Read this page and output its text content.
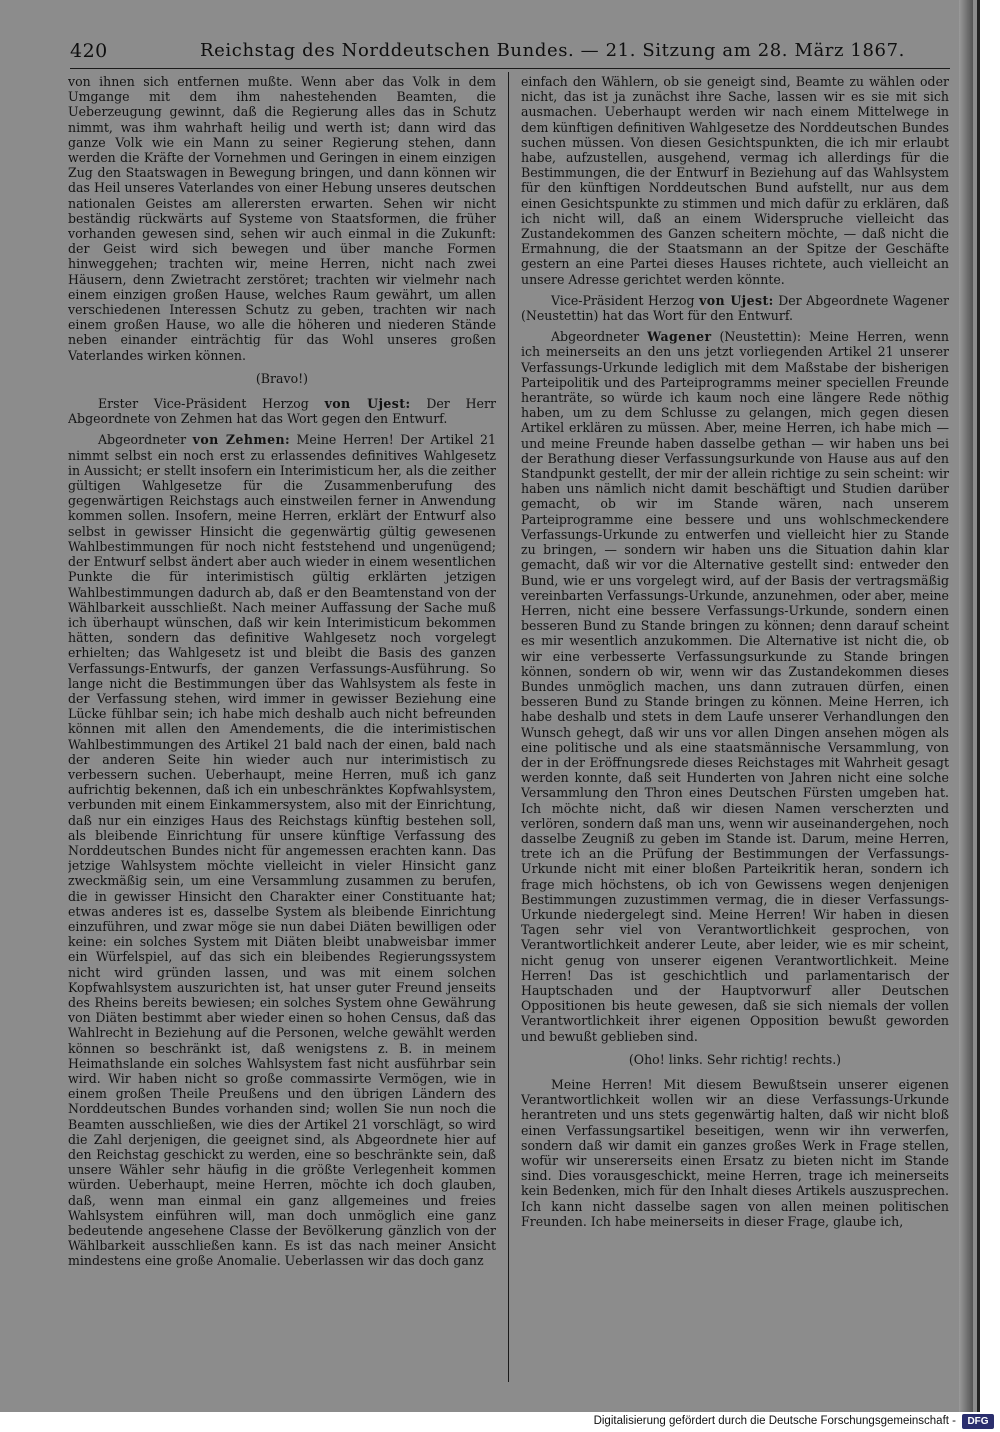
420	Reichstag des Norddeutschen Bundes. — 21. Sitzung am 28. März 1867.

von ihnen sich entfernen mußte. Wenn aber das Volk in dem Umgange mit dem ihm nahestehenden Beamten, die Ueberzeugung gewinnt, daß die Regierung alles das in Schutz nimmt, was ihm wahrhaft heilig und werth ist; dann wird das ganze Volk wie ein Mann zu seiner Regierung stehen, dann werden die Kräfte der Vornehmen und Geringen in einem einzigen Zug den Staatswagen in Bewegung bringen, und dann können wir das Heil unseres Vaterlandes von einer Hebung unseres deutschen nationalen Geistes am allerersten erwarten. Sehen wir nicht beständig rückwärts auf Systeme von Staatsformen, die früher vorhanden gewesen sind, sehen wir auch einmal in die Zukunft: der Geist wird sich bewegen und über manche Formen hinweggehen; trachten wir, meine Herren, nicht nach zwei Häusern, denn Zwietracht zerstöret; trachten wir vielmehr nach einem einzigen großen Hause, welches Raum gewährt, um allen verschiedenen Interessen Schutz zu geben, trachten wir nach einem großen Hause, wo alle die höheren und niederen Stände neben einander einträchtig für das Wohl unseres großen Vaterlandes wirken können.

(Bravo!)

Erster Vice-Präsident Herzog von Ujest: Der Herr Abgeordnete von Zehmen hat das Wort gegen den Entwurf.

Abgeordneter von Zehmen: Meine Herren! Der Artikel 21 nimmt selbst ein noch erst zu erlassendes definitives Wahlgesetz in Aussicht; er stellt insofern ein Interimisticum her, als die zeither gültigen Wahlgesetze für die Zusammenberufung des gegenwärtigen Reichstags auch einstweilen ferner in Anwendung kommen sollen. Insofern, meine Herren, erklärt der Entwurf also selbst in gewisser Hinsicht die gegenwärtig gültig gewesenen Wahlbestimmungen für noch nicht feststehend und ungenügend; der Entwurf selbst ändert aber auch wieder in einem wesentlichen Punkte die für interimistisch gültig erklärten jetzigen Wahlbestimmungen dadurch ab, daß er den Beamtenstand von der Wählbarkeit ausschließt. Nach meiner Auffassung der Sache muß ich überhaupt wünschen, daß wir kein Interimisticum bekommen hätten, sondern das definitive Wahlgesetz noch vorgelegt erhielten; das Wahlgesetz ist und bleibt die Basis des ganzen Verfassungs-Entwurfs, der ganzen Verfassungs-Ausführung. So lange nicht die Bestimmungen über das Wahlsystem als feste in der Verfassung stehen, wird immer in gewisser Beziehung eine Lücke fühlbar sein; ich habe mich deshalb auch nicht befreunden können mit allen den Amendements, die die interimistischen Wahlbestimmungen des Artikel 21 bald nach der einen, bald nach der anderen Seite hin wieder auch nur interimistisch zu verbessern suchen. Ueberhaupt, meine Herren, muß ich ganz aufrichtig bekennen, daß ich ein unbeschränktes Kopfwahlsystem, verbunden mit einem Einkammersystem, also mit der Einrichtung, daß nur ein einziges Haus des Reichstags künftig bestehen soll, als bleibende Einrichtung für unsere künftige Verfassung des Norddeutschen Bundes nicht für angemessen erachten kann. Das jetzige Wahlsystem möchte vielleicht in vieler Hinsicht ganz zweckmäßig sein, um eine Versammlung zusammen zu berufen, die in gewisser Hinsicht den Charakter einer Constituante hat; etwas anderes ist es, dasselbe System als bleibende Einrichtung einzuführen, und zwar möge sie nun dabei Diäten bewilligen oder keine: ein solches System mit Diäten bleibt unabweisbar immer ein Würfelspiel, auf das sich ein bleibendes Regierungssystem nicht wird gründen lassen, und was mit einem solchen Kopfwahlsystem auszurichten ist, hat unser guter Freund jenseits des Rheins bereits bewiesen; ein solches System ohne Gewährung von Diäten bestimmt aber wieder einen so hohen Census, daß das Wahlrecht in Beziehung auf die Personen, welche gewählt werden können so beschränkt ist, daß wenigstens z. B. in meinem Heimathslande ein solches Wahlsystem fast nicht ausführbar sein wird. Wir haben nicht so große commassirte Vermögen, wie in einem großen Theile Preußens und den übrigen Ländern des Norddeutschen Bundes vorhanden sind; wollen Sie nun noch die Beamten ausschließen, wie dies der Artikel 21 vorschlägt, so wird die Zahl derjenigen, die geeignet sind, als Abgeordnete hier auf den Reichstag geschickt zu werden, eine so beschränkte sein, daß unsere Wähler sehr häufig in die größte Verlegenheit kommen würden. Ueberhaupt, meine Herren, möchte ich doch glauben, daß, wenn man einmal ein ganz allgemeines und freies Wahlsystem einführen will, man doch unmöglich eine ganz bedeutende angesehene Classe der Bevölkerung gänzlich von der Wählbarkeit ausschließen kann. Es ist das nach meiner Ansicht mindestens eine große Anomalie. Ueberlassen wir das doch ganz

einfach den Wählern, ob sie geneigt sind, Beamte zu wählen oder nicht, das ist ja zunächst ihre Sache, lassen wir es sie mit sich ausmachen. Ueberhaupt werden wir nach einem Mittelwege in dem künftigen definitiven Wahlgesetze des Norddeutschen Bundes suchen müssen. Von diesen Gesichtspunkten, die ich mir erlaubt habe, aufzustellen, ausgehend, vermag ich allerdings für die Bestimmungen, die der Entwurf in Beziehung auf das Wahlsystem für den künftigen Norddeutschen Bund aufstellt, nur aus dem einen Gesichtspunkte zu stimmen und mich dafür zu erklären, daß ich nicht will, daß an einem Widerspruche vielleicht das Zustandekommen des Ganzen scheitern möchte, — daß nicht die Ermahnung, die der Staatsmann an der Spitze der Geschäfte gestern an eine Partei dieses Hauses richtete, auch vielleicht an unsere Adresse gerichtet werden könnte.

Vice-Präsident Herzog von Ujest: Der Abgeordnete Wagener (Neustettin) hat das Wort für den Entwurf.

Abgeordneter Wagener (Neustettin): Meine Herren, wenn ich meinerseits an den uns jetzt vorliegenden Artikel 21 unserer Verfassungs-Urkunde lediglich mit dem Maßstabe der bisherigen Parteipolitik und des Parteiprogramms meiner speciellen Freunde heranträte, so würde ich kaum noch eine längere Rede nöthig haben, um zu dem Schlusse zu gelangen, mich gegen diesen Artikel erklären zu müssen. Aber, meine Herren, ich habe mich — und meine Freunde haben dasselbe gethan — wir haben uns bei der Berathung dieser Verfassungsurkunde von Hause aus auf den Standpunkt gestellt, der mir der allein richtige zu sein scheint: wir haben uns nämlich nicht damit beschäftigt und Studien darüber gemacht, ob wir im Stande wären, nach unserem Parteiprogramme eine bessere und uns wohlschmeckendere Verfassungs-Urkunde zu entwerfen und vielleicht hier zu Stande zu bringen, — sondern wir haben uns die Situation dahin klar gemacht, daß wir vor die Alternative gestellt sind: entweder den Bund, wie er uns vorgelegt wird, auf der Basis der vertragsmäßig vereinbarten Verfassungs-Urkunde, anzunehmen, oder aber, meine Herren, nicht eine bessere Verfassungs-Urkunde, sondern einen besseren Bund zu Stande bringen zu können; denn darauf scheint es mir wesentlich anzukommen. Die Alternative ist nicht die, ob wir eine verbesserte Verfassungsurkunde zu Stande bringen können, sondern ob wir, wenn wir das Zustandekommen dieses Bundes unmöglich machen, uns dann zutrauen dürfen, einen besseren Bund zu Stande bringen zu können. Meine Herren, ich habe deshalb und stets in dem Laufe unserer Verhandlungen den Wunsch gehegt, daß wir uns vor allen Dingen ansehen mögen als eine politische und als eine staatsmännische Versammlung, von der in der Eröffnungsrede dieses Reichstages mit Wahrheit gesagt werden konnte, daß seit Hunderten von Jahren nicht eine solche Versammlung den Thron eines Deutschen Fürsten umgeben hat. Ich möchte nicht, daß wir diesen Namen verscherzten und verlören, sondern daß man uns, wenn wir auseinandergehen, noch dasselbe Zeugniß zu geben im Stande ist. Darum, meine Herren, trete ich an die Prüfung der Bestimmungen der Verfassungs-Urkunde nicht mit einer bloßen Parteikritik heran, sondern ich frage mich höchstens, ob ich von Gewissens wegen denjenigen Bestimmungen zuzustimmen vermag, die in dieser Verfassungs-Urkunde niedergelegt sind. Meine Herren! Wir haben in diesen Tagen sehr viel von Verantwortlichkeit gesprochen, von Verantwortlichkeit anderer Leute, aber leider, wie es mir scheint, nicht genug von unserer eigenen Verantwortlichkeit. Meine Herren! Das ist geschichtlich und parlamentarisch der Hauptschaden und der Hauptvorwurf aller Deutschen Oppositionen bis heute gewesen, daß sie sich niemals der vollen Verantwortlichkeit ihrer eigenen Opposition bewußt geworden und bewußt geblieben sind.

(Oho! links. Sehr richtig! rechts.)

Meine Herren! Mit diesem Bewußtsein unserer eigenen Verantwortlichkeit wollen wir an diese Verfassungs-Urkunde herantreten und uns stets gegenwärtig halten, daß wir nicht bloß einen Verfassungsartikel beseitigen, wenn wir ihn verwerfen, sondern daß wir damit ein ganzes großes Werk in Frage stellen, wofür wir unsererseits einen Ersatz zu bieten nicht im Stande sind. Dies vorausgeschickt, meine Herren, trage ich meinerseits kein Bedenken, mich für den Inhalt dieses Artikels auszusprechen. Ich kann nicht dasselbe sagen von allen meinen politischen Freunden. Ich habe meinerseits in dieser Frage, glaube ich,

Digitalisierung gefördert durch die Deutsche Forschungsgemeinschaft -	DFG
